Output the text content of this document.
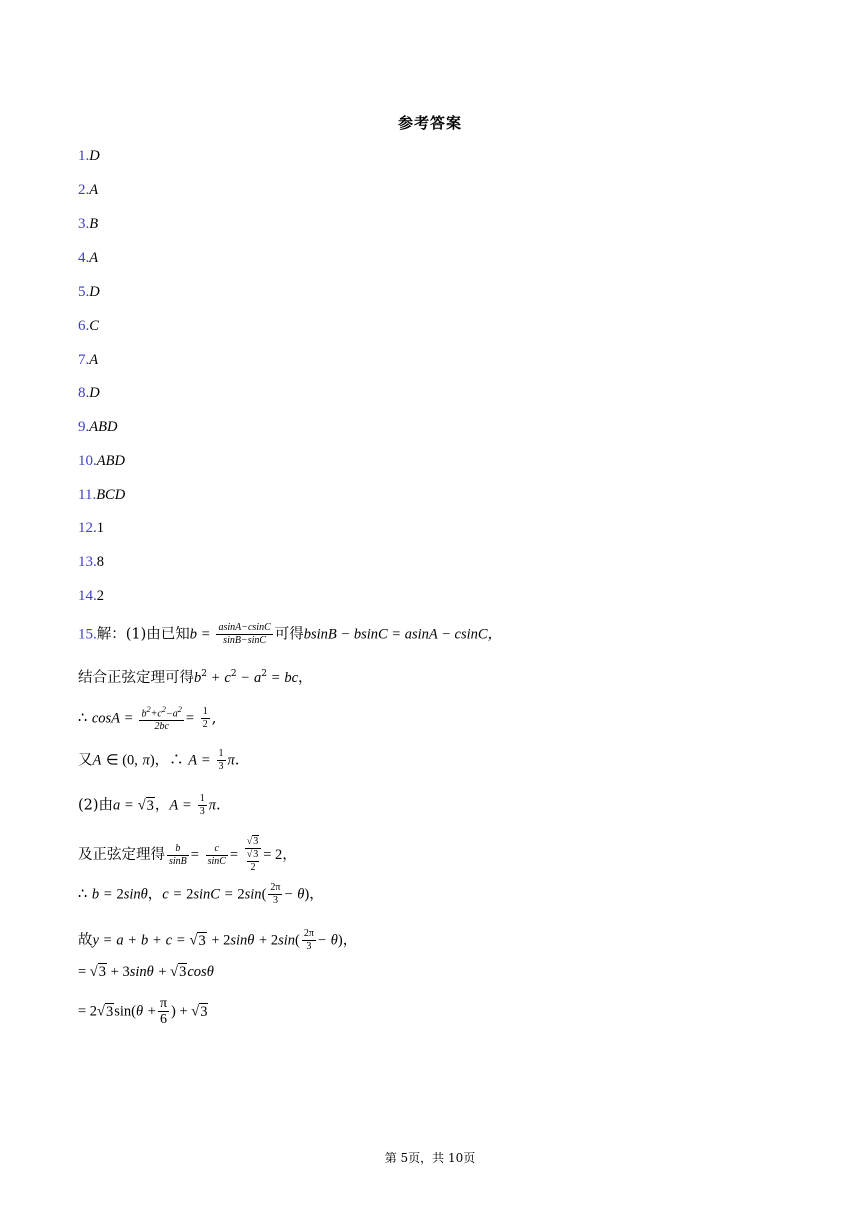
参考答案
1.D
2.A
3.B
4.A
5.D
6.C
7.A
8.D
9.ABD
10.ABD
11.BCD
12.1
13.8
14.2
15.解：(1)由已知$b = \frac{asinA-csinC}{\sin B-\sin C}$ 可得bsinB − bsinC = asinA − csinC，
结合正弦定理可得$b^2 + c^2 - a^2$ = bc，
∴ $\cos A = \frac{b^2+c^2-a^2}{2bc} = \frac{1}{2}$ ,
又A ∈ (0, π)，∴ $A = \frac{1}{3} \pi$.
(2)由a = √3，$A = \frac{1}{3} \pi$.
及正弦定理得 $\frac{b}{\sin B} = \frac{c}{\sin C} = √3$
√3
2 = 2，
∴ b = 2sinθ，$c = 2\sin C = 2\sin( \frac{2\pi}{3} - \theta)$，
故$y = a + b + c = √3 + 2\sin\theta + 2\sin( \frac{2\pi}{3} - \theta)$，
= √3 + 3sinθ + √3cosθ
= $2√3\sin(\theta + \frac{\pi}{6}$ ) + √3
第 5页，共 10页
